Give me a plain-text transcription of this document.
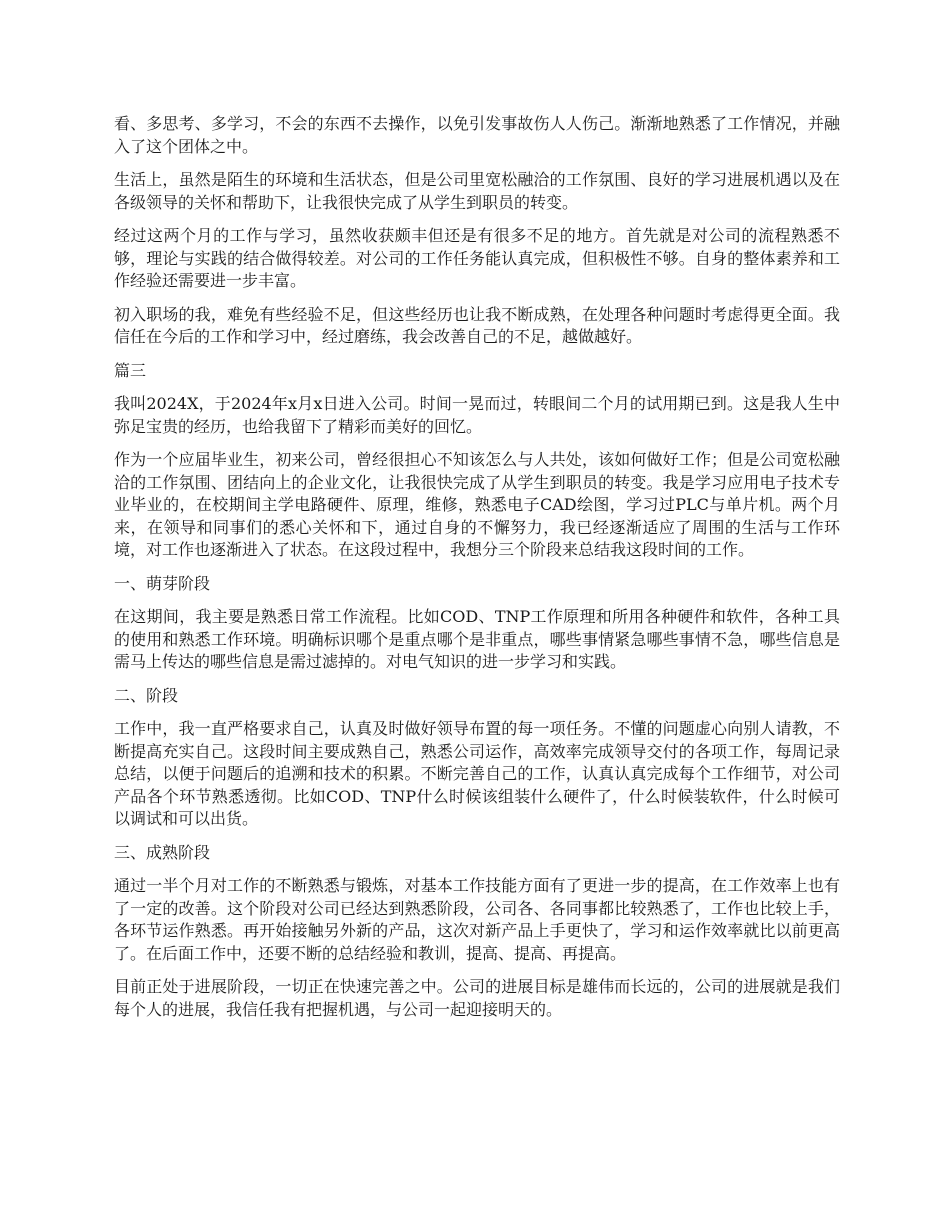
看、多思考、多学习，不会的东西不去操作，以免引发事故伤人人伤己。渐渐地熟悉了工作情况，并融入了这个团体之中。

生活上，虽然是陌生的环境和生活状态，但是公司里宽松融洽的工作氛围、良好的学习进展机遇以及在各级领导的关怀和帮助下，让我很快完成了从学生到职员的转变。

经过这两个月的工作与学习，虽然收获颇丰但还是有很多不足的地方。首先就是对公司的流程熟悉不够，理论与实践的结合做得较差。对公司的工作任务能认真完成，但积极性不够。自身的整体素养和工作经验还需要进一步丰富。

初入职场的我，难免有些经验不足，但这些经历也让我不断成熟，在处理各种问题时考虑得更全面。我信任在今后的工作和学习中，经过磨练，我会改善自己的不足，越做越好。

篇三

我叫2024X，于2024年x月x日进入公司。时间一晃而过，转眼间二个月的试用期已到。这是我人生中弥足宝贵的经历，也给我留下了精彩而美好的回忆。

作为一个应届毕业生，初来公司，曾经很担心不知该怎么与人共处，该如何做好工作；但是公司宽松融洽的工作氛围、团结向上的企业文化，让我很快完成了从学生到职员的转变。我是学习应用电子技术专业毕业的，在校期间主学电路硬件、原理，维修，熟悉电子CAD绘图，学习过PLC与单片机。两个月来，在领导和同事们的悉心关怀和下，通过自身的不懈努力，我已经逐渐适应了周围的生活与工作环境，对工作也逐渐进入了状态。在这段过程中，我想分三个阶段来总结我这段时间的工作。

一、萌芽阶段

在这期间，我主要是熟悉日常工作流程。比如COD、TNP工作原理和所用各种硬件和软件，各种工具的使用和熟悉工作环境。明确标识哪个是重点哪个是非重点，哪些事情紧急哪些事情不急，哪些信息是需马上传达的哪些信息是需过滤掉的。对电气知识的进一步学习和实践。

二、阶段

工作中，我一直严格要求自己，认真及时做好领导布置的每一项任务。不懂的问题虚心向别人请教，不断提高充实自己。这段时间主要成熟自己，熟悉公司运作，高效率完成领导交付的各项工作，每周记录总结，以便于问题后的追溯和技术的积累。不断完善自己的工作，认真认真完成每个工作细节，对公司产品各个环节熟悉透彻。比如COD、TNP什么时候该组装什么硬件了，什么时候装软件，什么时候可以调试和可以出货。

三、成熟阶段

通过一半个月对工作的不断熟悉与锻炼，对基本工作技能方面有了更进一步的提高，在工作效率上也有了一定的改善。这个阶段对公司已经达到熟悉阶段，公司各、各同事都比较熟悉了，工作也比较上手，各环节运作熟悉。再开始接触另外新的产品，这次对新产品上手更快了，学习和运作效率就比以前更高了。在后面工作中，还要不断的总结经验和教训，提高、提高、再提高。

目前正处于进展阶段，一切正在快速完善之中。公司的进展目标是雄伟而长远的，公司的进展就是我们每个人的进展，我信任我有把握机遇，与公司一起迎接明天的。
